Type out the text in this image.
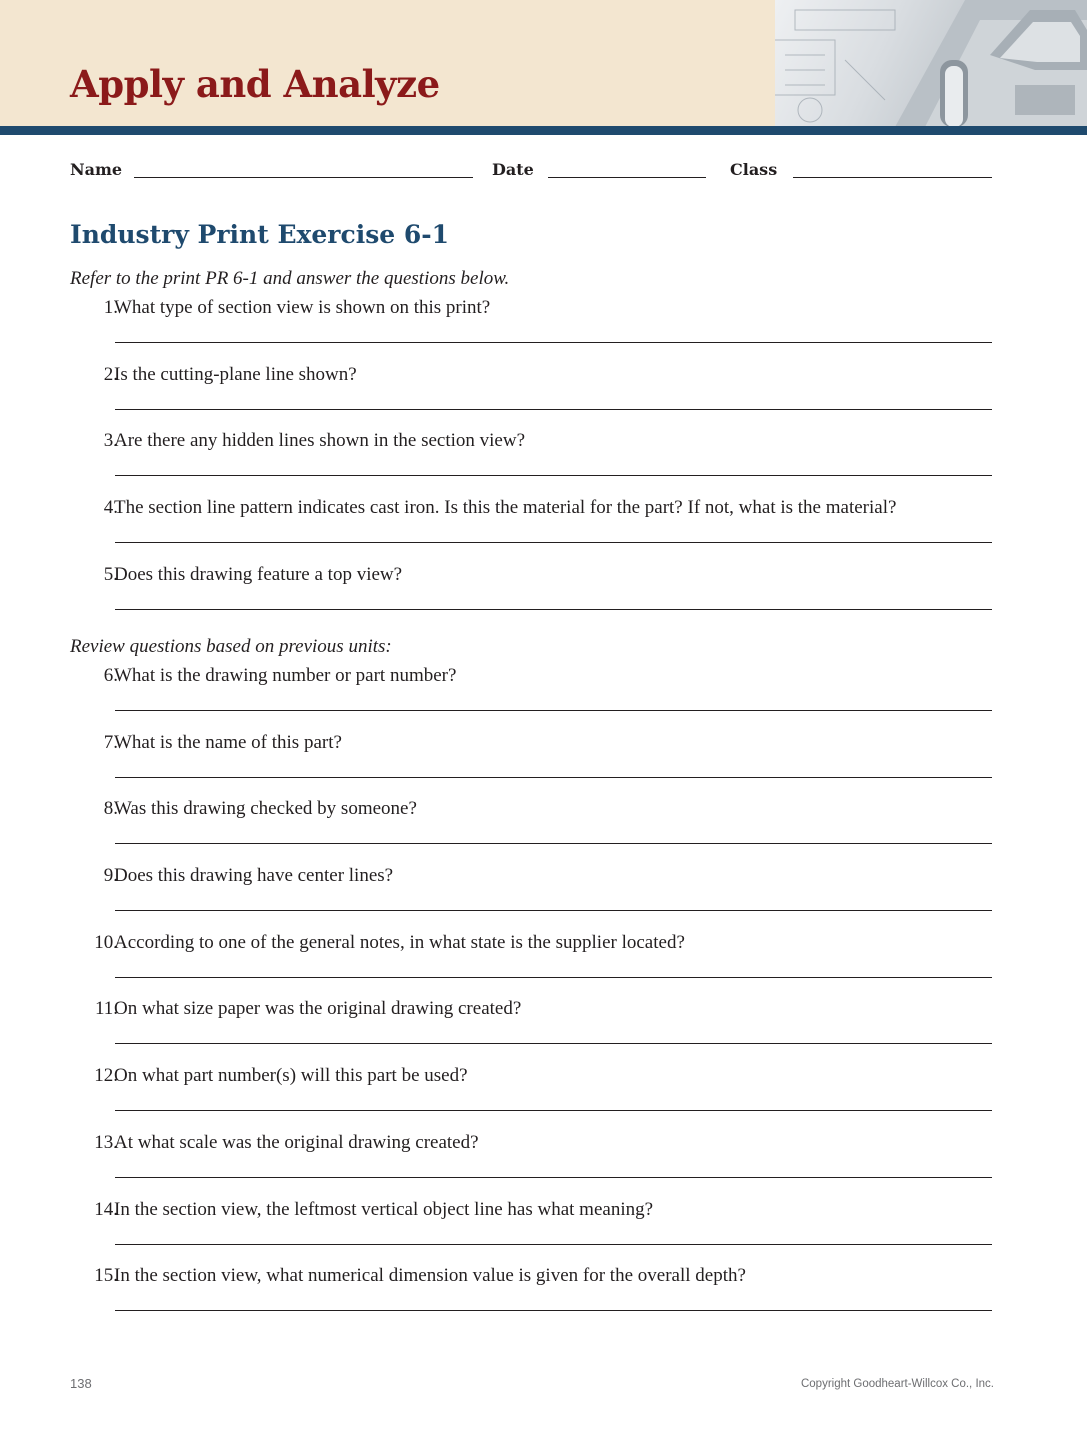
Apply and Analyze
Name	Date	Class
Industry Print Exercise 6-1

Refer to the print PR 6-1 and answer the questions below.

1.
What type of section view is shown on this print?
2.
Is the cutting-plane line shown?
3.
Are there any hidden lines shown in the section view?
4.
The section line pattern indicates cast iron. Is this the material for the part? If not, what is the material?
5.
Does this drawing feature a top view?

Review questions based on previous units:

6.
What is the drawing number or part number?
7.
What is the name of this part?
8.
Was this drawing checked by someone?
9.
Does this drawing have center lines?
10.
According to one of the general notes, in what state is the supplier located?
11.
On what size paper was the original drawing created?
12.
On what part number(s) will this part be used?
13.
At what scale was the original drawing created?
14.
In the section view, the leftmost vertical object line has what meaning?
15.
In the section view, what numerical dimension value is given for the overall depth?
138	Copyright Goodheart-Willcox Co., Inc.
